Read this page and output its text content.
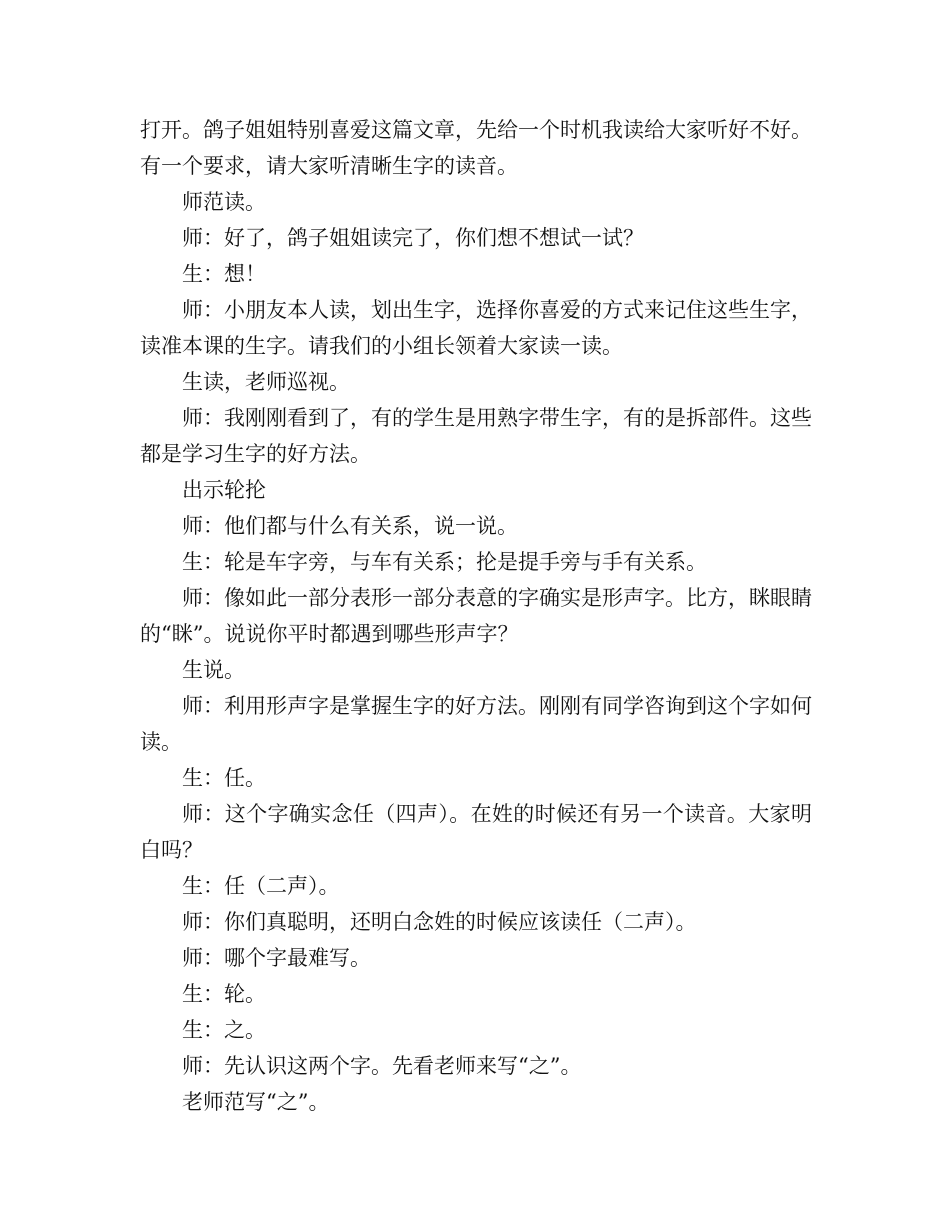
打开。鸽子姐姐特别喜爱这篇文章，先给一个时机我读给大家听好不好。有一个要求，请大家听清晰生字的读音。

师范读。

师：好了，鸽子姐姐读完了，你们想不想试一试？

生：想！

师：小朋友本人读，划出生字，选择你喜爱的方式来记住这些生字，读准本课的生字。请我们的小组长领着大家读一读。

生读，老师巡视。

师：我刚刚看到了，有的学生是用熟字带生字，有的是拆部件。这些都是学习生字的好方法。

出示轮抡

师：他们都与什么有关系，说一说。

生：轮是车字旁，与车有关系；抡是提手旁与手有关系。

师：像如此一部分表形一部分表意的字确实是形声字。比方，眯眼睛的“眯”。说说你平时都遇到哪些形声字？

生说。

师：利用形声字是掌握生字的好方法。刚刚有同学咨询到这个字如何读。

生：任。

师：这个字确实念任（四声）。在姓的时候还有另一个读音。大家明白吗？

生：任（二声）。

师：你们真聪明，还明白念姓的时候应该读任（二声）。

师：哪个字最难写。

生：轮。

生：之。

师：先认识这两个字。先看老师来写“之”。

老师范写“之”。
